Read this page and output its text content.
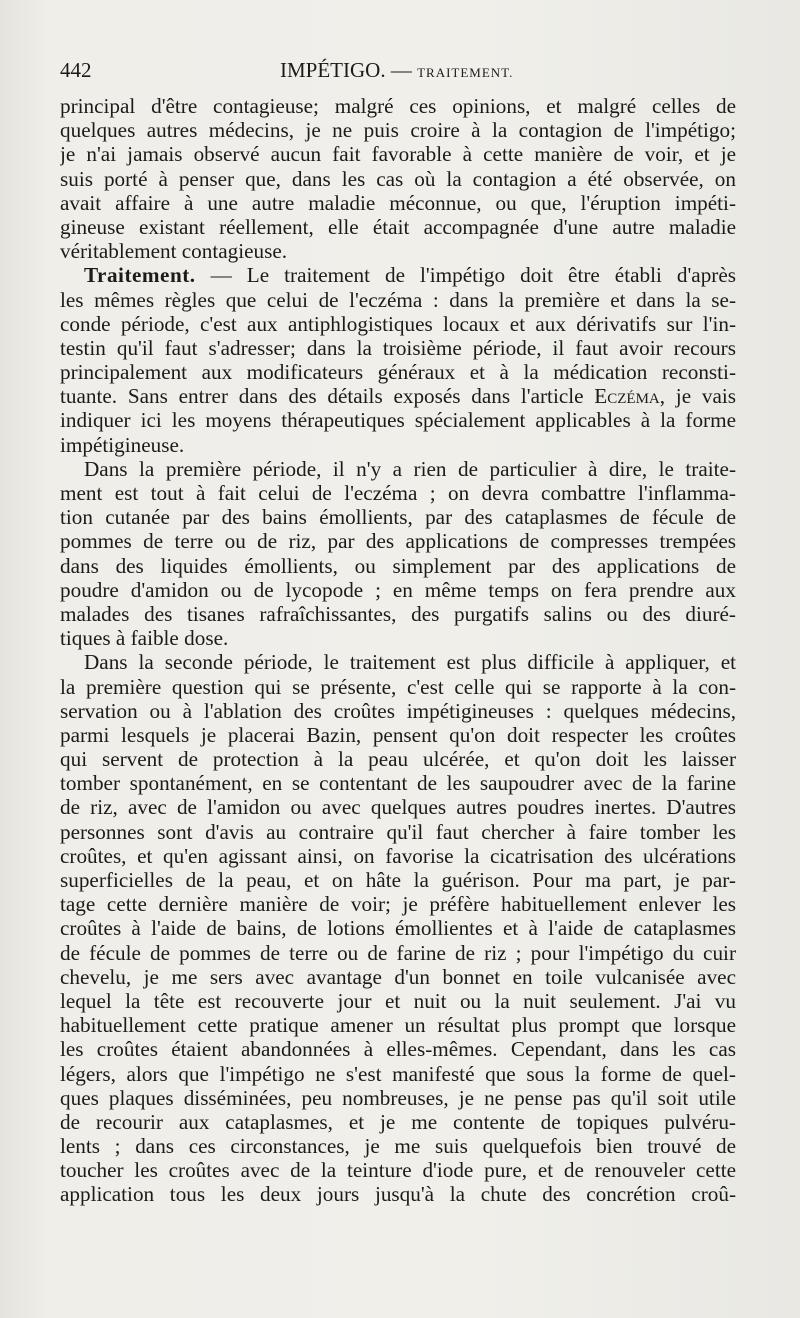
442	IMPÉTIGO. — TRAITEMENT.
principal d'être contagieuse; malgré ces opinions, et malgré celles de
quelques autres médecins, je ne puis croire à la contagion de l'impétigo;
je n'ai jamais observé aucun fait favorable à cette manière de voir, et je
suis porté à penser que, dans les cas où la contagion a été observée, on
avait affaire à une autre maladie méconnue, ou que, l'éruption impéti-
gineuse existant réellement, elle était accompagnée d'une autre maladie
véritablement contagieuse.
Traitement. — Le traitement de l'impétigo doit être établi d'après
les mêmes règles que celui de l'eczéma : dans la première et dans la se-
conde période, c'est aux antiphlogistiques locaux et aux dérivatifs sur l'in-
testin qu'il faut s'adresser; dans la troisième période, il faut avoir recours
principalement aux modificateurs généraux et à la médication reconsti-
tuante. Sans entrer dans des détails exposés dans l'article Eczéma, je vais
indiquer ici les moyens thérapeutiques spécialement applicables à la forme
impétigineuse.
Dans la première période, il n'y a rien de particulier à dire, le traite-
ment est tout à fait celui de l'eczéma ; on devra combattre l'inflamma-
tion cutanée par des bains émollients, par des cataplasmes de fécule de
pommes de terre ou de riz, par des applications de compresses trempées
dans des liquides émollients, ou simplement par des applications de
poudre d'amidon ou de lycopode ; en même temps on fera prendre aux
malades des tisanes rafraîchissantes, des purgatifs salins ou des diuré-
tiques à faible dose.
Dans la seconde période, le traitement est plus difficile à appliquer, et
la première question qui se présente, c'est celle qui se rapporte à la con-
servation ou à l'ablation des croûtes impétigineuses : quelques médecins,
parmi lesquels je placerai Bazin, pensent qu'on doit respecter les croûtes
qui servent de protection à la peau ulcérée, et qu'on doit les laisser
tomber spontanément, en se contentant de les saupoudrer avec de la farine
de riz, avec de l'amidon ou avec quelques autres poudres inertes. D'autres
personnes sont d'avis au contraire qu'il faut chercher à faire tomber les
croûtes, et qu'en agissant ainsi, on favorise la cicatrisation des ulcérations
superficielles de la peau, et on hâte la guérison. Pour ma part, je par-
tage cette dernière manière de voir; je préfère habituellement enlever les
croûtes à l'aide de bains, de lotions émollientes et à l'aide de cataplasmes
de fécule de pommes de terre ou de farine de riz ; pour l'impétigo du cuir
chevelu, je me sers avec avantage d'un bonnet en toile vulcanisée avec
lequel la tête est recouverte jour et nuit ou la nuit seulement. J'ai vu
habituellement cette pratique amener un résultat plus prompt que lorsque
les croûtes étaient abandonnées à elles-mêmes. Cependant, dans les cas
légers, alors que l'impétigo ne s'est manifesté que sous la forme de quel-
ques plaques disséminées, peu nombreuses, je ne pense pas qu'il soit utile
de recourir aux cataplasmes, et je me contente de topiques pulvéru-
lents ; dans ces circonstances, je me suis quelquefois bien trouvé de
toucher les croûtes avec de la teinture d'iode pure, et de renouveler cette
application tous les deux jours jusqu'à la chute des concrétion croû-
